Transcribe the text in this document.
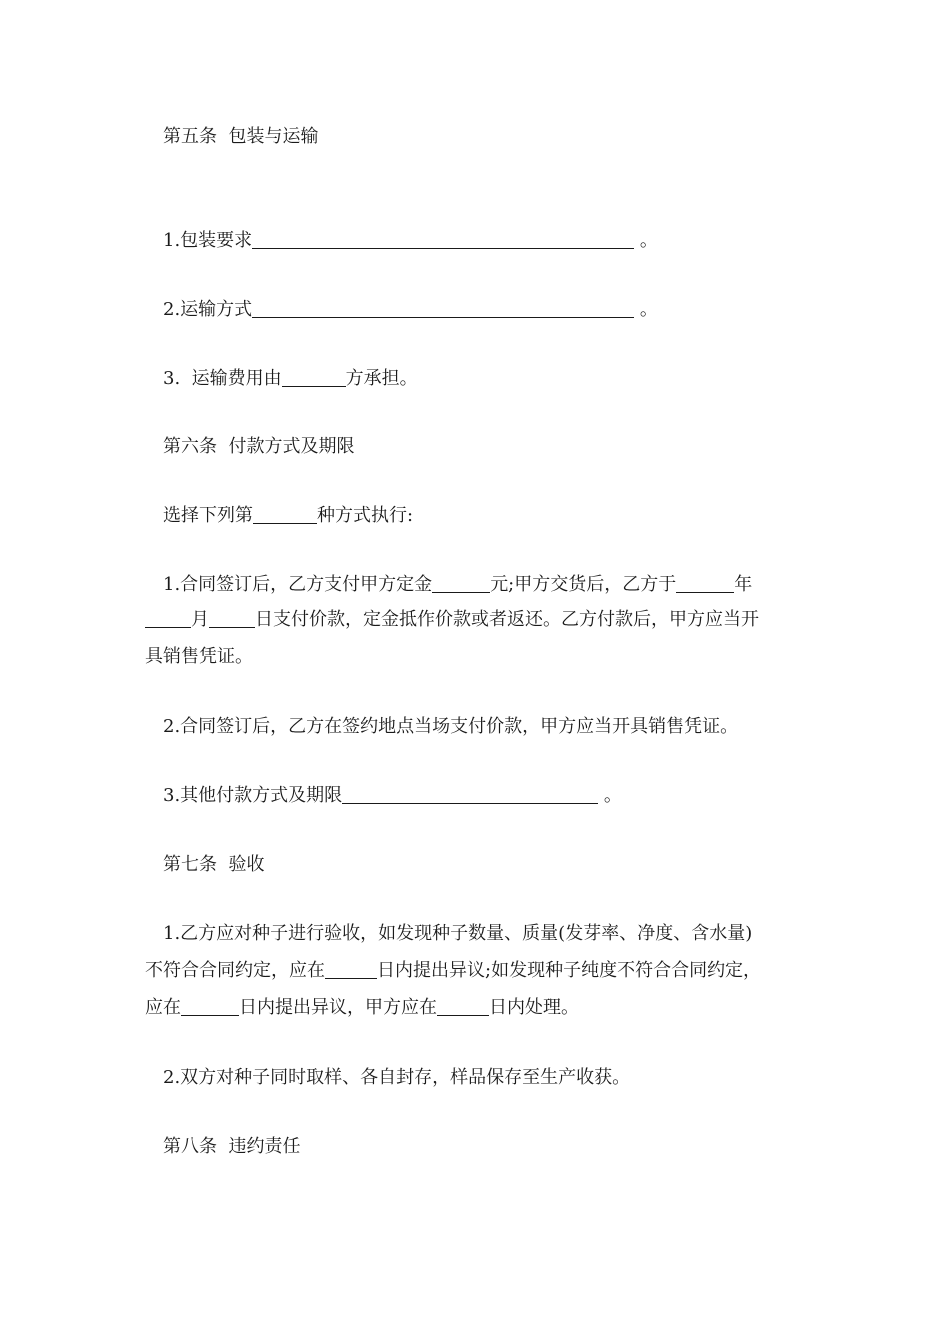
第五条  包装与运输
1.包装要求	。
2.运输方式	。
3.  运输费用由	方承担。
第六条  付款方式及期限
选择下列第	种方式执行:
1.合同签订后，乙方支付甲方定金	元;甲方交货后，乙方于	年
月	日支付价款，定金抵作价款或者返还。乙方付款后，甲方应当开
具销售凭证。
2.合同签订后，乙方在签约地点当场支付价款，甲方应当开具销售凭证。
3.其他付款方式及期限	。
第七条  验收
1.乙方应对种子进行验收，如发现种子数量、质量(发芽率、净度、含水量)
不符合合同约定，应在	日内提出异议;如发现种子纯度不符合合同约定，
应在	日内提出异议，甲方应在	日内处理。
2.双方对种子同时取样、各自封存，样品保存至生产收获。
第八条  违约责任
